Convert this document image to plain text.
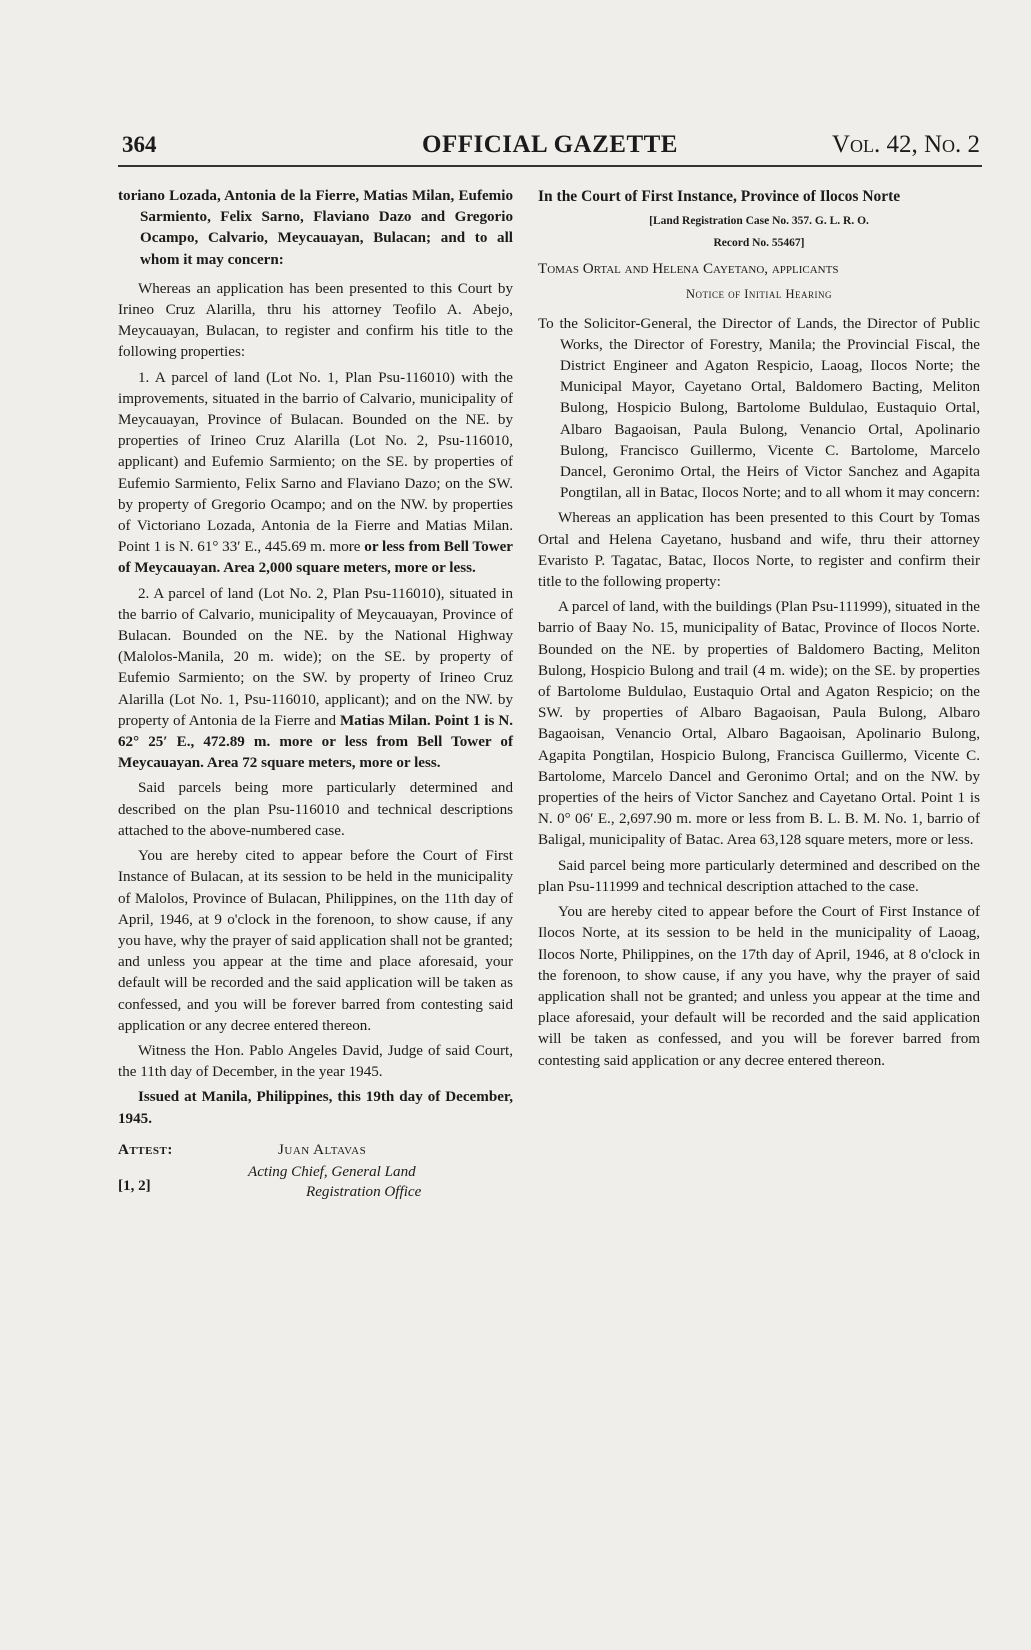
364	OFFICIAL GAZETTE	Vol. 42, No. 2

toriano Lozada, Antonia de la Fierre, Matias Milan, Eufemio Sarmiento, Felix Sarno, Flaviano Dazo and Gregorio Ocampo, Calvario, Meycauayan, Bulacan; and to all whom it may concern:

Whereas an application has been presented to this Court by Irineo Cruz Alarilla, thru his attorney Teofilo A. Abejo, Meycauayan, Bulacan, to register and confirm his title to the following properties:

1. A parcel of land (Lot No. 1, Plan Psu-116010) with the improvements, situated in the barrio of Calvario, municipality of Meycauayan, Province of Bulacan. Bounded on the NE. by properties of Irineo Cruz Alarilla (Lot No. 2, Psu-116010, applicant) and Eufemio Sarmiento; on the SE. by properties of Eufemio Sarmiento, Felix Sarno and Flaviano Dazo; on the SW. by property of Gregorio Ocampo; and on the NW. by properties of Victoriano Lozada, Antonia de la Fierre and Matias Milan. Point 1 is N. 61° 33′ E., 445.69 m. more or less from Bell Tower of Meycauayan. Area 2,000 square meters, more or less.

2. A parcel of land (Lot No. 2, Plan Psu-116010), situated in the barrio of Calvario, municipality of Meycauayan, Province of Bulacan. Bounded on the NE. by the National Highway (Malolos-Manila, 20 m. wide); on the SE. by property of Eufemio Sarmiento; on the SW. by property of Irineo Cruz Alarilla (Lot No. 1, Psu-116010, applicant); and on the NW. by property of Antonia de la Fierre and Matias Milan. Point 1 is N. 62° 25′ E., 472.89 m. more or less from Bell Tower of Meycauayan. Area 72 square meters, more or less.

Said parcels being more particularly determined and described on the plan Psu-116010 and technical descriptions attached to the above-numbered case.

You are hereby cited to appear before the Court of First Instance of Bulacan, at its session to be held in the municipality of Malolos, Province of Bulacan, Philippines, on the 11th day of April, 1946, at 9 o'clock in the forenoon, to show cause, if any you have, why the prayer of said application shall not be granted; and unless you appear at the time and place aforesaid, your default will be recorded and the said application will be taken as confessed, and you will be forever barred from contesting said application or any decree entered thereon.

Witness the Hon. Pablo Angeles David, Judge of said Court, the 11th day of December, in the year 1945.

Issued at Manila, Philippines, this 19th day of December, 1945.

Attest:	Juan Altavas
Acting Chief, General Land
Registration Office
[1, 2]

In the Court of First Instance, Province of Ilocos Norte

[Land Registration Case No. 357. G. L. R. O.

Record No. 55467]

Tomas Ortal and Helena Cayetano, applicants

Notice of Initial Hearing

To the Solicitor-General, the Director of Lands, the Director of Public Works, the Director of Forestry, Manila; the Provincial Fiscal, the District Engineer and Agaton Respicio, Laoag, Ilocos Norte; the Municipal Mayor, Cayetano Ortal, Baldomero Bacting, Meliton Bulong, Hospicio Bulong, Bartolome Buldulao, Eustaquio Ortal, Albaro Bagaoisan, Paula Bulong, Venancio Ortal, Apolinario Bulong, Francisco Guillermo, Vicente C. Bartolome, Marcelo Dancel, Geronimo Ortal, the Heirs of Victor Sanchez and Agapita Pongtilan, all in Batac, Ilocos Norte; and to all whom it may concern:

Whereas an application has been presented to this Court by Tomas Ortal and Helena Cayetano, husband and wife, thru their attorney Evaristo P. Tagatac, Batac, Ilocos Norte, to register and confirm their title to the following property:

A parcel of land, with the buildings (Plan Psu-111999), situated in the barrio of Baay No. 15, municipality of Batac, Province of Ilocos Norte. Bounded on the NE. by properties of Baldomero Bacting, Meliton Bulong, Hospicio Bulong and trail (4 m. wide); on the SE. by properties of Bartolome Buldulao, Eustaquio Ortal and Agaton Respicio; on the SW. by properties of Albaro Bagaoisan, Paula Bulong, Albaro Bagaoisan, Venancio Ortal, Albaro Bagaoisan, Apolinario Bulong, Agapita Pongtilan, Hospicio Bulong, Francisca Guillermo, Vicente C. Bartolome, Marcelo Dancel and Geronimo Ortal; and on the NW. by properties of the heirs of Victor Sanchez and Cayetano Ortal. Point 1 is N. 0° 06′ E., 2,697.90 m. more or less from B. L. B. M. No. 1, barrio of Baligal, municipality of Batac. Area 63,128 square meters, more or less.

Said parcel being more particularly determined and described on the plan Psu-111999 and technical description attached to the case.

You are hereby cited to appear before the Court of First Instance of Ilocos Norte, at its session to be held in the municipality of Laoag, Ilocos Norte, Philippines, on the 17th day of April, 1946, at 8 o'clock in the forenoon, to show cause, if any you have, why the prayer of said application shall not be granted; and unless you appear at the time and place aforesaid, your default will be recorded and the said application will be taken as confessed, and you will be forever barred from contesting said application or any decree entered thereon.
